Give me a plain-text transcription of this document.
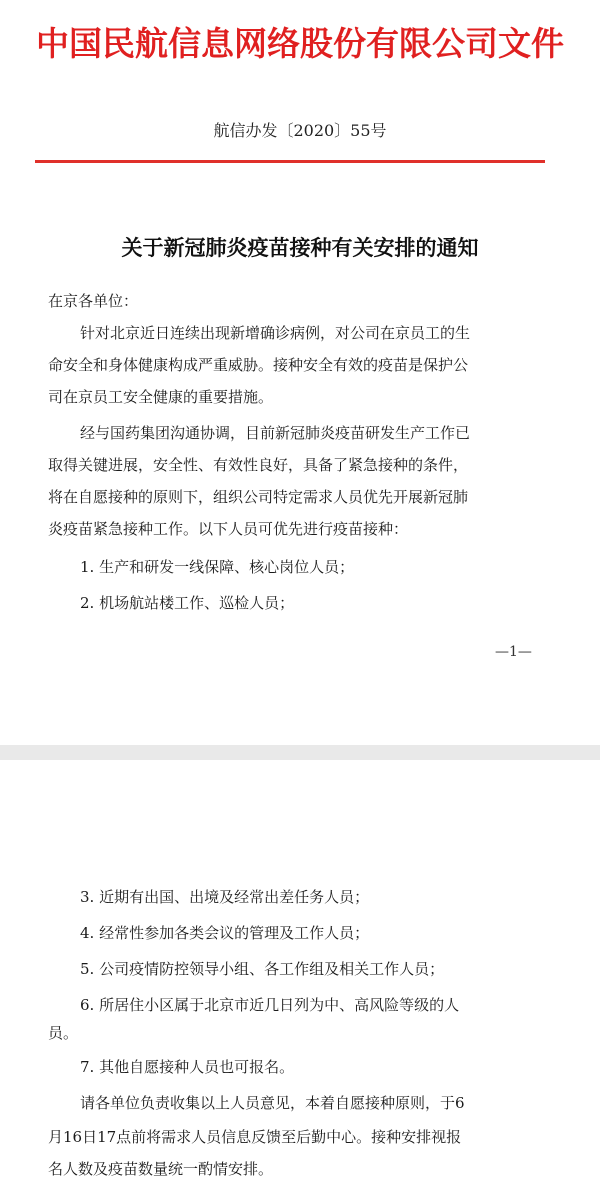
中国民航信息网络股份有限公司文件
航信办发〔2020〕55号
关于新冠肺炎疫苗接种有关安排的通知
在京各单位：
针对北京近日连续出现新增确诊病例，对公司在京员工的生
命安全和身体健康构成严重威胁。接种安全有效的疫苗是保护公
司在京员工安全健康的重要措施。
经与国药集团沟通协调，目前新冠肺炎疫苗研发生产工作已
取得关键进展，安全性、有效性良好，具备了紧急接种的条件，
将在自愿接种的原则下，组织公司特定需求人员优先开展新冠肺
炎疫苗紧急接种工作。以下人员可优先进行疫苗接种：
1. 生产和研发一线保障、核心岗位人员；
2. 机场航站楼工作、巡检人员；
—1—
3. 近期有出国、出境及经常出差任务人员；
4. 经常性参加各类会议的管理及工作人员；
5. 公司疫情防控领导小组、各工作组及相关工作人员；
6. 所居住小区属于北京市近几日列为中、高风险等级的人
员。
7. 其他自愿接种人员也可报名。
请各单位负责收集以上人员意见，本着自愿接种原则，于6
月16日17点前将需求人员信息反馈至后勤中心。接种安排视报
名人数及疫苗数量统一酌情安排。
